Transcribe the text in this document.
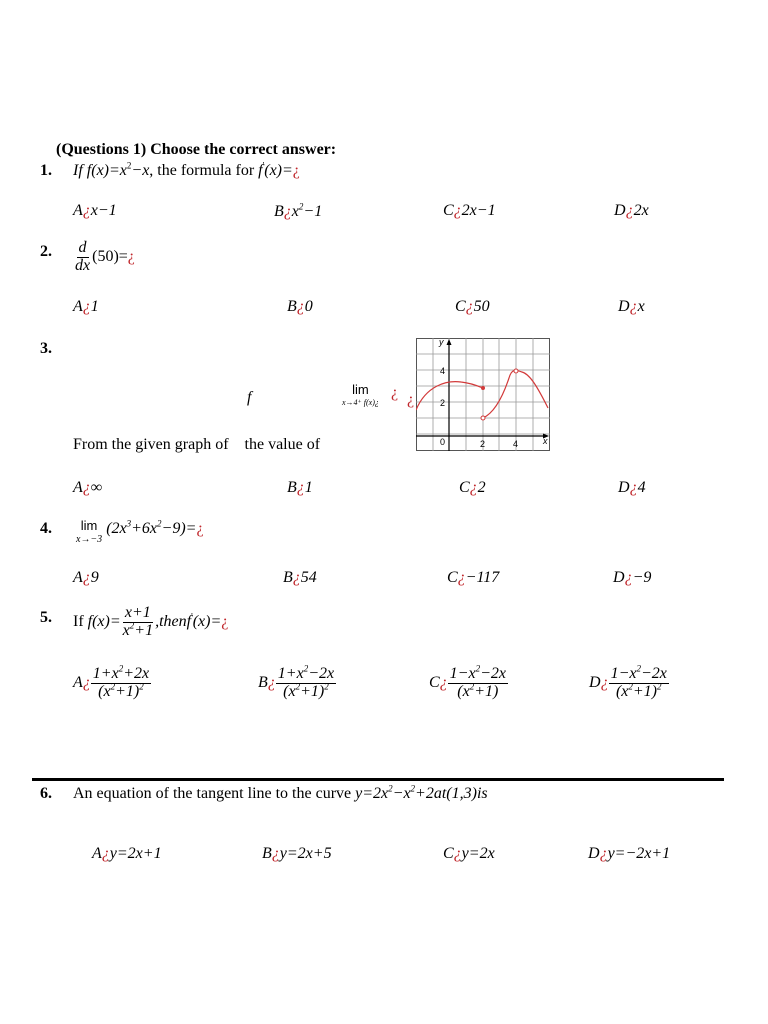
(Questions 1) Choose the correct answer:
1. If $f(x)=x^2-x$, the formula for f'(x)=¿
A¿x−1	$B¿x^2-1$	C¿2x−1	D¿2x
2. $\frac{d}{dx}$ (50)=¿
A¿1	B¿0	C¿50	D¿x
3.
f	lim
x→4⁺ f(x)¿
¿ ¿
From the given graph of the value of
y
x
0
4
2
2	4
A¿∞	B¿1	C¿2	D¿4
4. lim
x→−3
$(2x^3+6x^2-9)=¿$
A¿9	B¿54	C¿−117	D¿−9
5. If $f(x)= \frac{x+1}{x^2+1}$ ,thenf'(x)=¿
A¿ $\frac{1+x^2+2x}{(x^2+1)^2}$	B¿ $\frac{1+x^2-2x}{(x^2+1)^2}$	C¿ $\frac{1-x^2-2x}{(x^2+1)}$	D¿ $\frac{1-x^2-2x}{(x^2+1)^2}$
6. An equation of the tangent line to the curve $y=2x^2-x^2+2at(1,3)is$
A¿y=2x+1	B¿y=2x+5	C¿y=2x	D¿y=−2x+1
